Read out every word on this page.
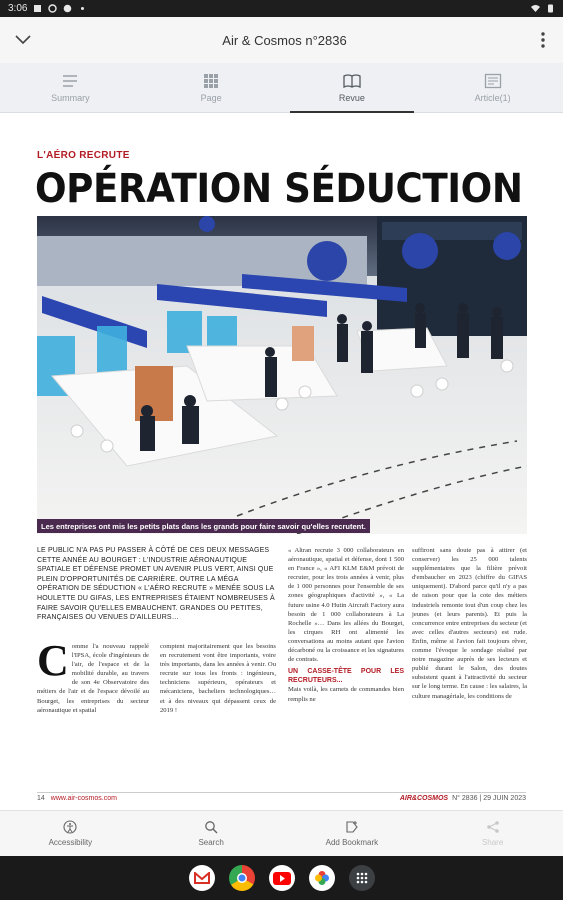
3:06
Air & Cosmos n°2836
Summary	Page	Revue	Article(1)
L'AÉRO RECRUTE
OPÉRATION SÉDUCTION
Les entreprises ont mis les petits plats dans les grands pour faire savoir qu'elles recrutent.
LE PUBLIC N'A PAS PU PASSER À CÔTÉ DE CES DEUX MESSAGES CETTE ANNÉE AU BOURGET : L'INDUSTRIE AÉRONAUTIQUE SPATIALE ET DÉFENSE PROMET UN AVENIR PLUS VERT, AINSI QUE PLEIN D'OPPORTUNITÉS DE CARRIÈRE. OUTRE LA MÉGA OPÉRATION DE SÉDUCTION « L'AÉRO RECRUTE » MENÉE SOUS LA HOULETTE DU GIFAS, LES ENTREPRISES ÉTAIENT NOMBREUSES À FAIRE SAVOIR QU'ELLES EMBAUCHENT. GRANDES OU PETITES, FRANÇAISES OU VENUES D'AILLEURS…
Comme l'a nouveau rappelé l'IPSA, école d'ingénieurs de l'air, de l'espace et de la mobilité durable, au travers de son 4e Observatoire des métiers de l'air et de l'espace dévoilé au Bourget, les entreprises du secteur aéronautique et spatial
comptent majoritairement que les besoins en recrutement vont être importants, voire très importants, dans les années à venir. Ou recrute sur tous les fronts : ingénieurs, techniciens supérieurs, opérateurs et mécaniciens, bacheliers technologiques… et à des niveaux qui dépassent ceux de 2019 !
« Altran recrute 3 000 collaborateurs en aéronautique, spatial et défense, dont 1 500 en France », « AFI KLM E&M prévoit de recruter, pour les trois années à venir, plus de 1 000 personnes pour l'ensemble de ses zones géographiques d'activité », « La future usine 4.0 Hutin Aircraft Factory aura besoin de 1 000 collaborateurs à La Rochelle »… Dans les allées du Bourget, les cirques RH ont alimenté les conversations au moins autant que l'avion décarboné ou la croissance et les signatures de contrats.
UN CASSE-TÊTE POUR LES RECRUTEURS...
Mais voilà, les carnets de commandes bien remplis ne
suffiront sans doute pas à attirer (et conserver) les 25 000 talents supplémentaires que la filière prévoit d'embaucher en 2023 (chiffre du GIFAS uniquement). D'abord parce qu'il n'y a pas de raison pour que la cote des métiers industriels remonte tout d'un coup chez les jeunes (et leurs parents). Et puis la concurrence entre entreprises du secteur (et avec celles d'autres secteurs) est rude. Enfin, même si l'avion fait toujours rêver, comme l'évoque le sondage réalisé par notre magazine auprès de ses lecteurs et publié durant le Salon, des doutes subsistent quant à l'attractivité du secteur sur le long terme. En cause : les salaires, la culture managériale, les conditions de
14 www.air-cosmos.com	AIR&COSMOS N° 2836 | 29 JUIN 2023
Accessibility	Search	Add Bookmark	Share
